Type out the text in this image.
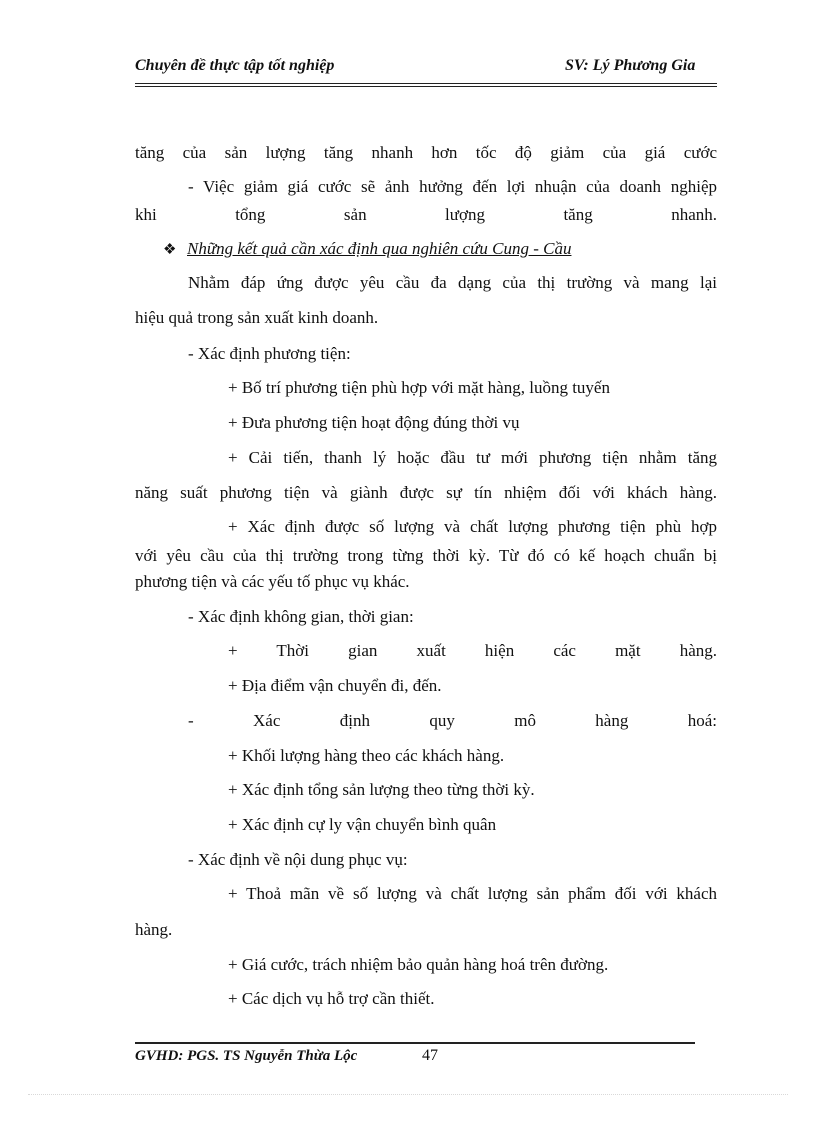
Chuyên đề thực tập tốt nghiệp	SV: Lý Phương Gia
tăng của sản lượng tăng nhanh hơn tốc độ giảm của giá cước
- Việc giảm giá cước sẽ ảnh hưởng đến lợi nhuận của doanh nghiệp
khi tổng sản lượng tăng nhanh.
❖ Những kết quả cần xác định qua nghiên cứu Cung - Cầu
Nhằm đáp ứng được yêu cầu đa dạng của thị trường và mang lại
hiệu quả trong sản xuất kinh doanh.
- Xác định phương tiện:
+ Bố trí phương tiện phù hợp với mặt hàng, luồng tuyến
+ Đưa phương tiện hoạt động đúng thời vụ
+ Cải tiến, thanh lý hoặc đầu tư mới phương tiện nhằm tăng
năng suất phương tiện và giành được sự tín nhiệm đối với khách hàng.
+ Xác định được số lượng và chất lượng phương tiện phù hợp
với yêu cầu của thị trường trong từng thời kỳ. Từ đó có kế hoạch chuẩn bị
phương tiện và các yếu tố phục vụ khác.
- Xác định không gian, thời gian:
+ Thời gian xuất hiện các mặt hàng.
+ Địa điểm vận chuyển đi, đến.
- Xác định quy mô hàng hoá:
+ Khối lượng hàng theo các khách hàng.
+ Xác định tổng sản lượng theo từng thời kỳ.
+ Xác định cự ly vận chuyển bình quân
- Xác định về nội dung phục vụ:
+ Thoả mãn về số lượng và chất lượng sản phẩm đối với khách
hàng.
+ Giá cước, trách nhiệm bảo quản hàng hoá trên đường.
+ Các dịch vụ hỗ trợ cần thiết.
GVHD: PGS. TS Nguyễn Thừa Lộc	47
